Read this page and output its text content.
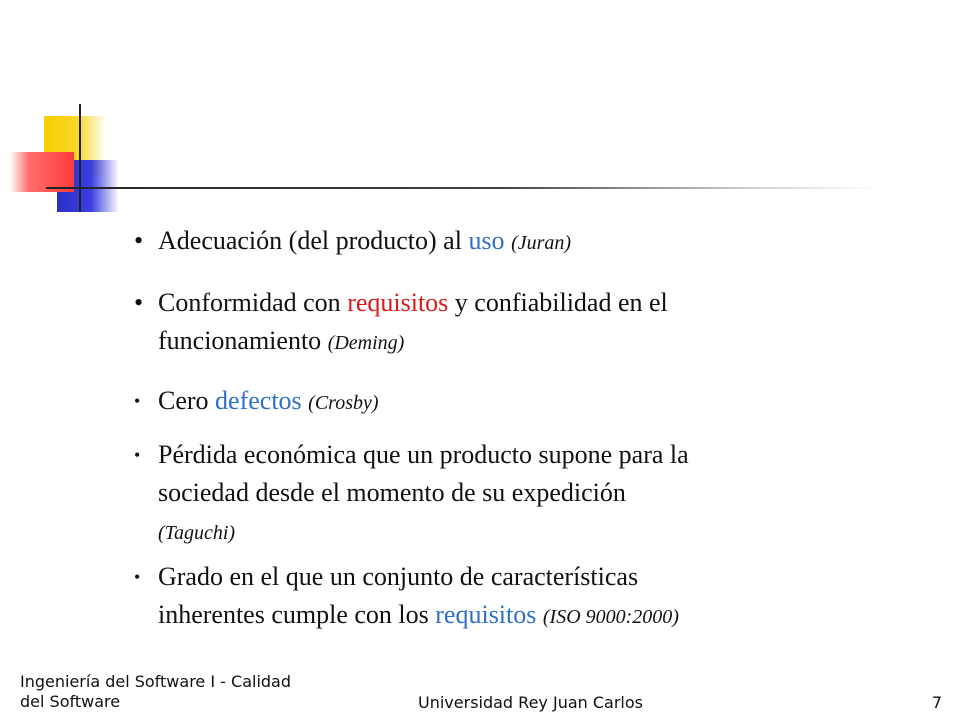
• Adecuación (del producto) al uso (Juran)
• Conformidad con requisitos y confiabilidad en el
funcionamiento (Deming)
• Cero defectos (Crosby)
• Pérdida económica que un producto supone para la
sociedad desde el momento de su expedición
(Taguchi)
• Grado en el que un conjunto de características
inherentes cumple con los requisitos (ISO 9000:2000)
Ingeniería del Software I - Calidad del Software	Universidad Rey Juan Carlos	7
